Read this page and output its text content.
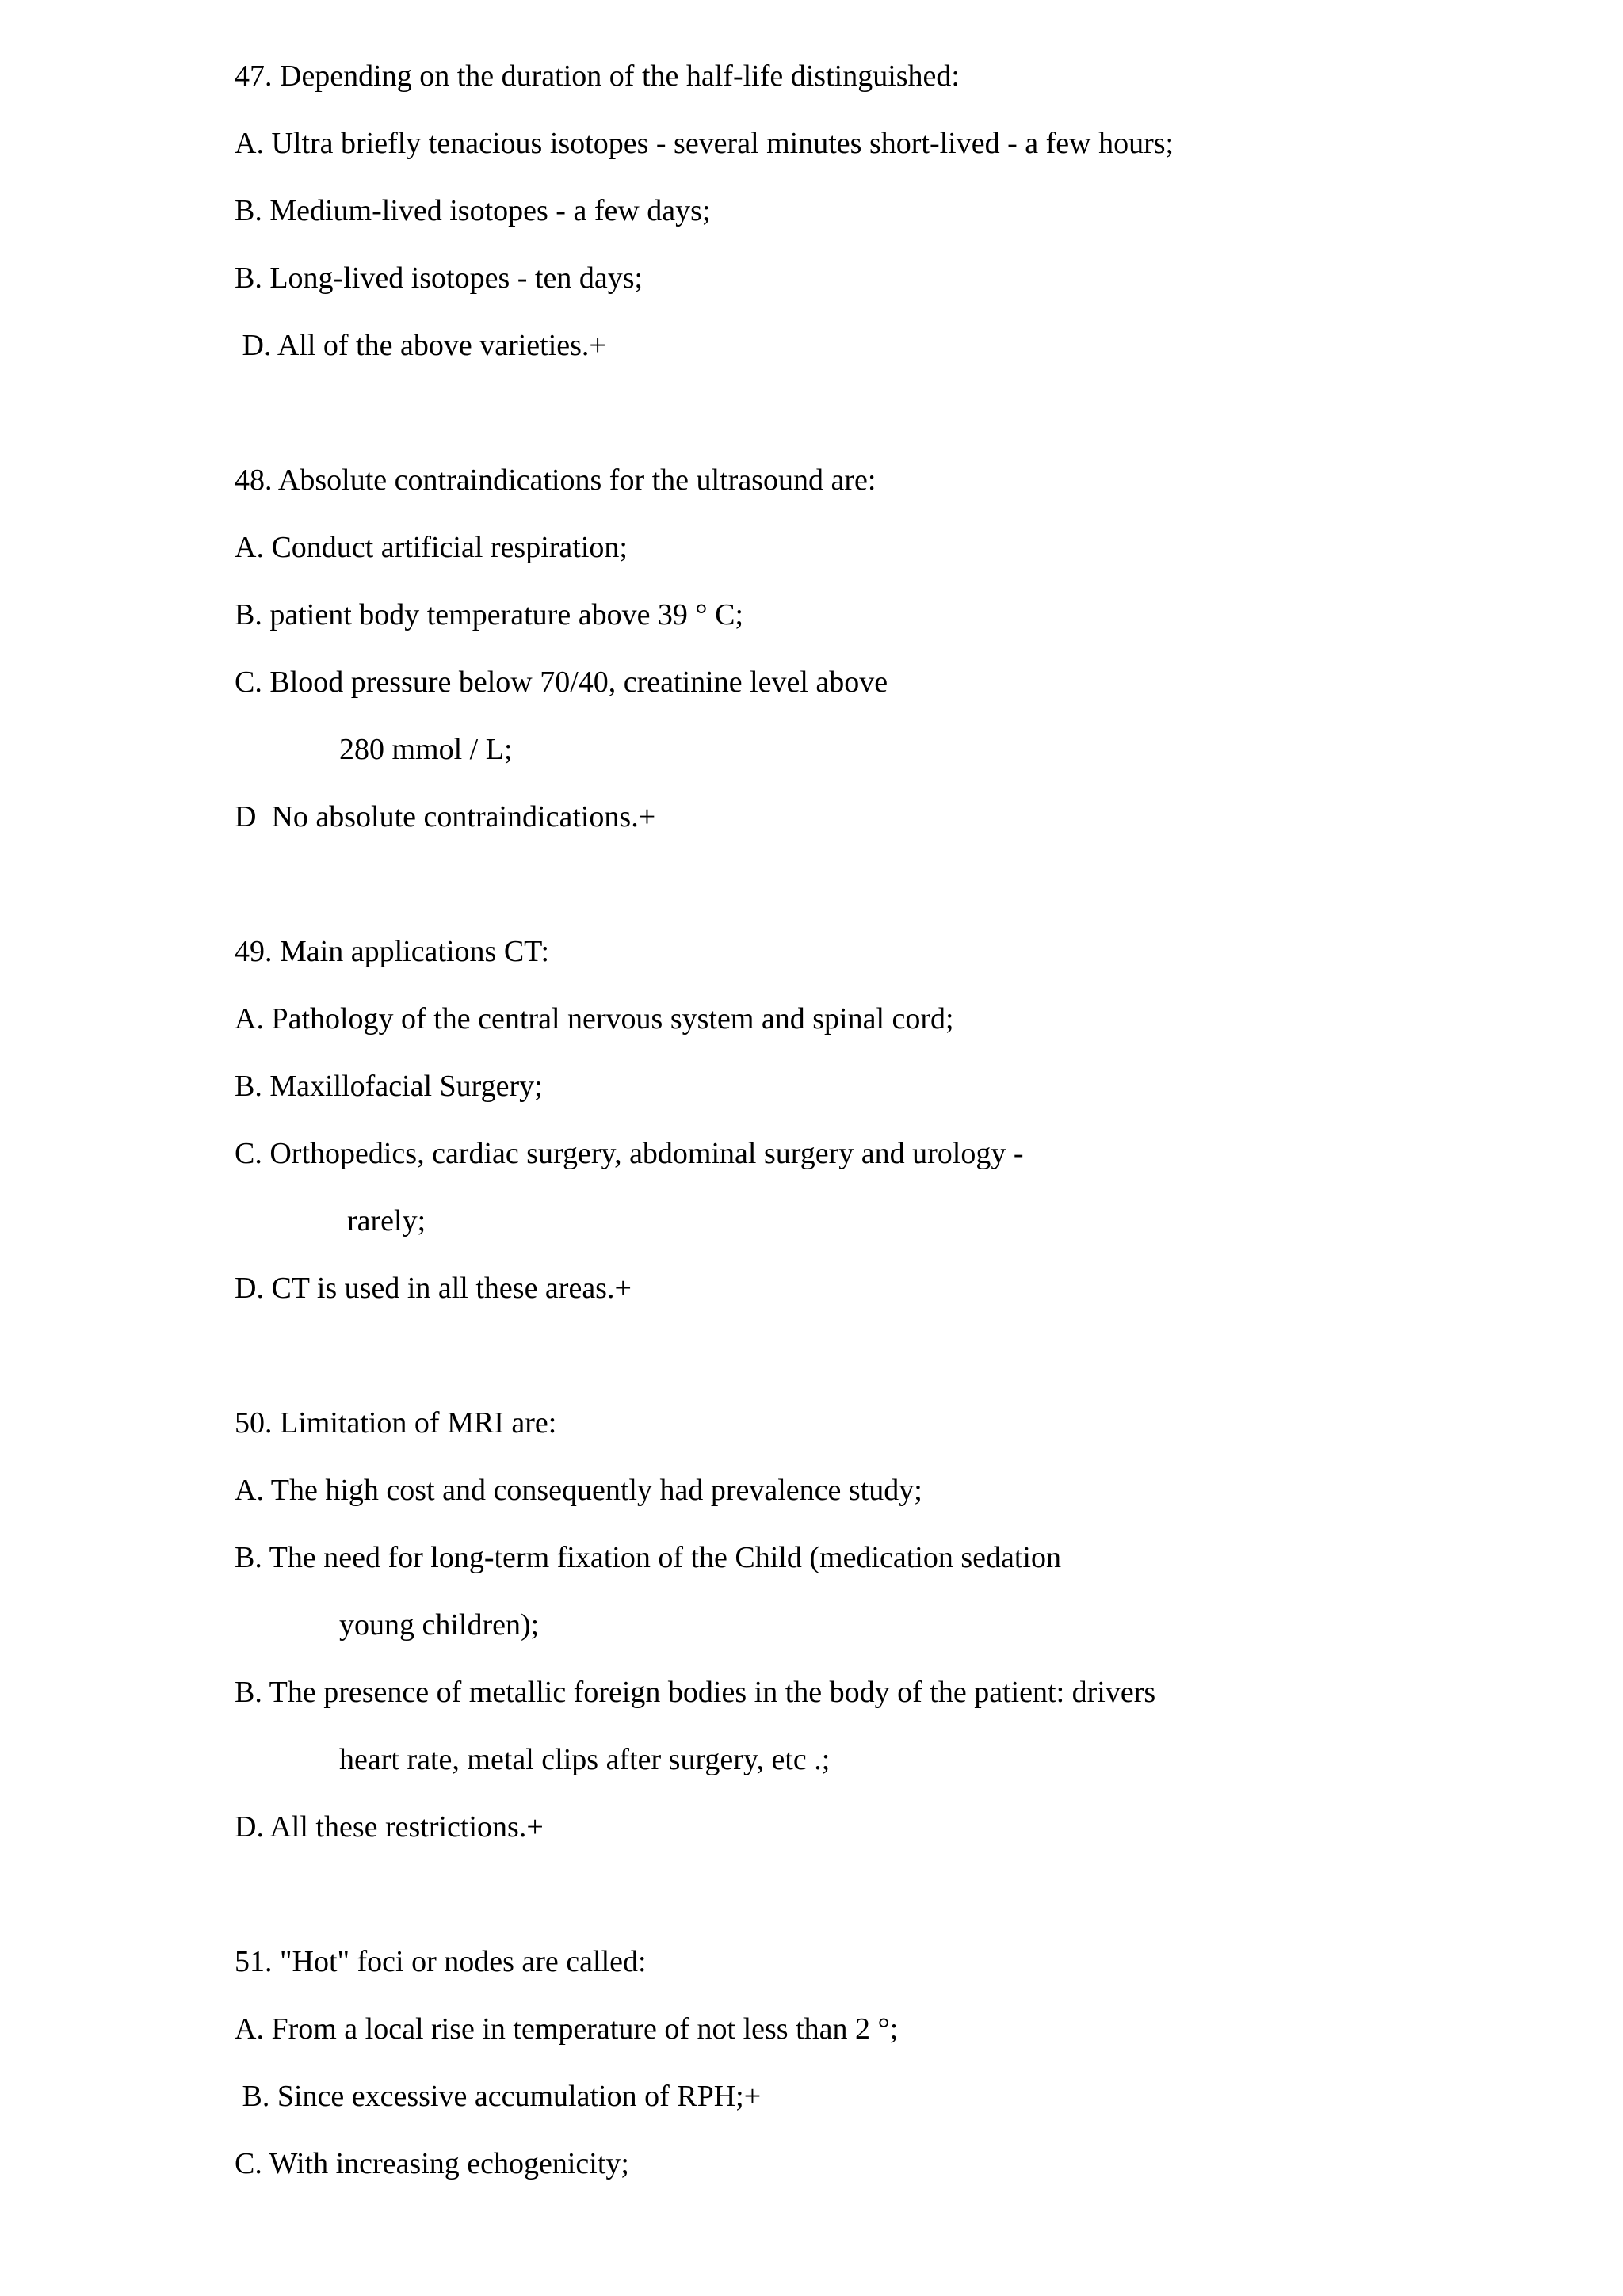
47. Depending on the duration of the half-life distinguished:
A. Ultra briefly tenacious isotopes - several minutes short-lived - a few hours;
B. Medium-lived isotopes - a few days;
B. Long-lived isotopes - ten days;
D. All of the above varieties.+
48. Absolute contraindications for the ultrasound are:
A. Conduct artificial respiration;
B. patient body temperature above 39 ° C;
C. Blood pressure below 70/40, creatinine level above
280 mmol / L;
D  No absolute contraindications.+
49. Main applications CT:
A. Pathology of the central nervous system and spinal cord;
B. Maxillofacial Surgery;
C. Orthopedics, cardiac surgery, abdominal surgery and urology -
rarely;
D. CT is used in all these areas.+
50. Limitation of MRI are:
A. The high cost and consequently had prevalence study;
B. The need for long-term fixation of the Child (medication sedation
young children);
B. The presence of metallic foreign bodies in the body of the patient: drivers
heart rate, metal clips after surgery, etc .;
D. All these restrictions.+
51. "Hot" foci or nodes are called:
A. From a local rise in temperature of not less than 2 °;
B. Since excessive accumulation of RPH;+
C. With increasing echogenicity;
